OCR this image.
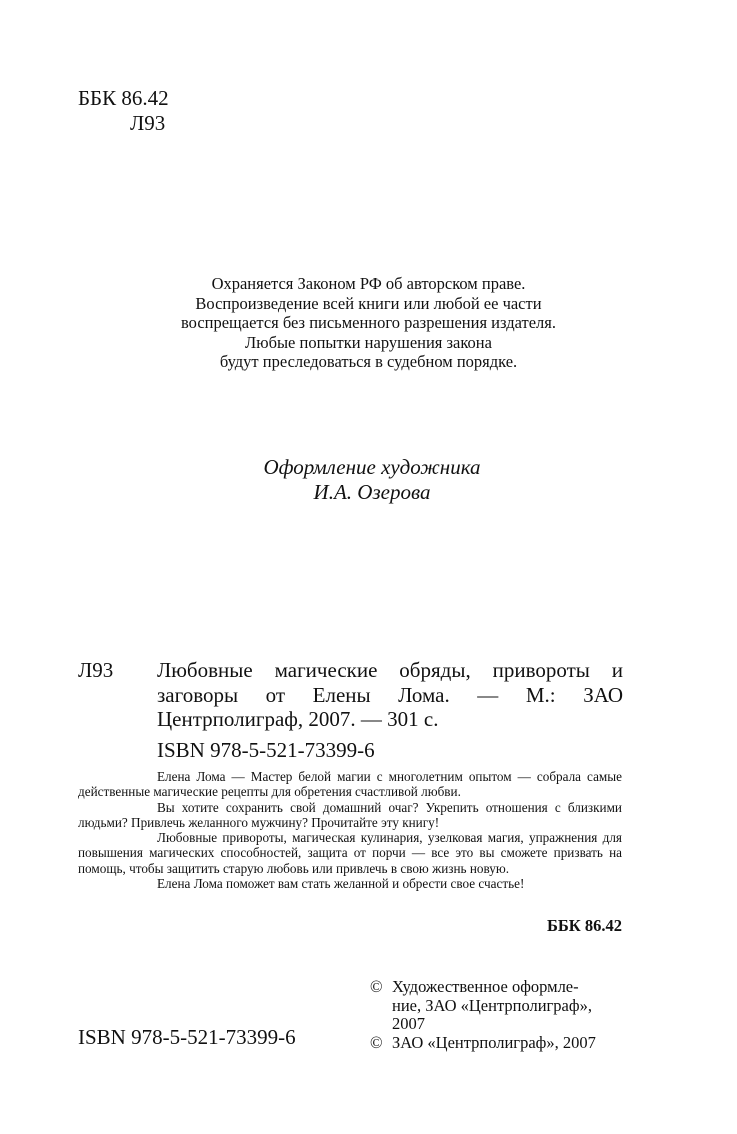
ББК 86.42
Л93
Охраняется Законом РФ об авторском праве.
Воспроизведение всей книги или любой ее части
воспрещается без письменного разрешения издателя.
Любые попытки нарушения закона
будут преследоваться в судебном порядке.
Оформление художника
И.А. Озерова
Л93 Любовные магические обряды, привороты и заговоры от Елены Лома. — М.: ЗАО Центрполиграф, 2007. — 301 с.
ISBN 978-5-521-73399-6

Елена Лома — Мастер белой магии с многолетним опытом — собрала самые действенные магические рецепты для обретения счастливой любви.

Вы хотите сохранить свой домашний очаг? Укрепить отношения с близкими людьми? Привлечь желанного мужчину? Прочитайте эту книгу!

Любовные привороты, магическая кулинария, узелковая магия, упражнения для повышения магических способностей, защита от порчи — все это вы сможете призвать на помощь, чтобы защитить старую любовь или привлечь в свою жизнь новую.

Елена Лома поможет вам стать желанной и обрести свое счастье!

ББК 86.42
ISBN 978-5-521-73399-6
© Художественное оформле-
ние, ЗАО «Центрполиграф»,
2007
© ЗАО «Центрполиграф», 2007
